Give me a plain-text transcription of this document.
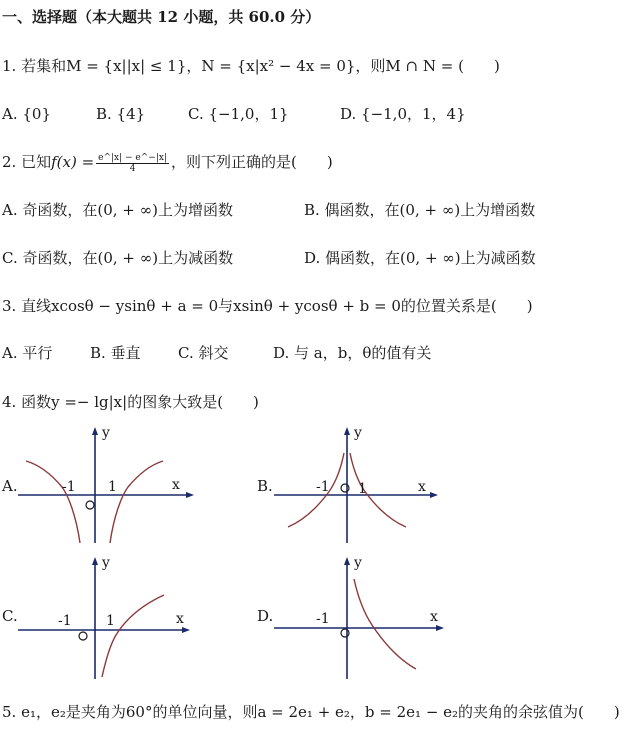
一、选择题（本大题共 12 小题，共 60.0 分）
1. 若集和M = {x||x| ≤ 1}，N = {x|x² − 4x = 0}，则M ∩ N = (　　)
A. {0}	B. {4}	C. {−1,0，1}	D. {−1,0，1，4}
2. 已知$f(x) = \frac{e\^{}|x| - e\^{}-|x|}{4}$ ，则下列正确的是(　　)
A. 奇函数，在(0, + ∞)上为增函数	B. 偶函数，在(0, + ∞)上为增函数
C. 奇函数，在(0, + ∞)上为减函数	D. 偶函数，在(0, + ∞)上为减函数
3. 直线xcosθ − ysinθ + a = 0与xsinθ + ycosθ + b = 0的位置关系是(　　)
A. 平行	B. 垂直 C. 斜交	D. 与 a，b，θ的值有关
4. 函数y =− lg|x|的图象大致是(　　)
A.
y
x
-1 1	B.
y
x
-1 1
C.
y
x
-1 1	D.
y
x
-1
5. e₁，e₂是夹角为60°的单位向量，则a = 2e₁ + e₂，b = 2e₁ − e₂的夹角的余弦值为(　　)
